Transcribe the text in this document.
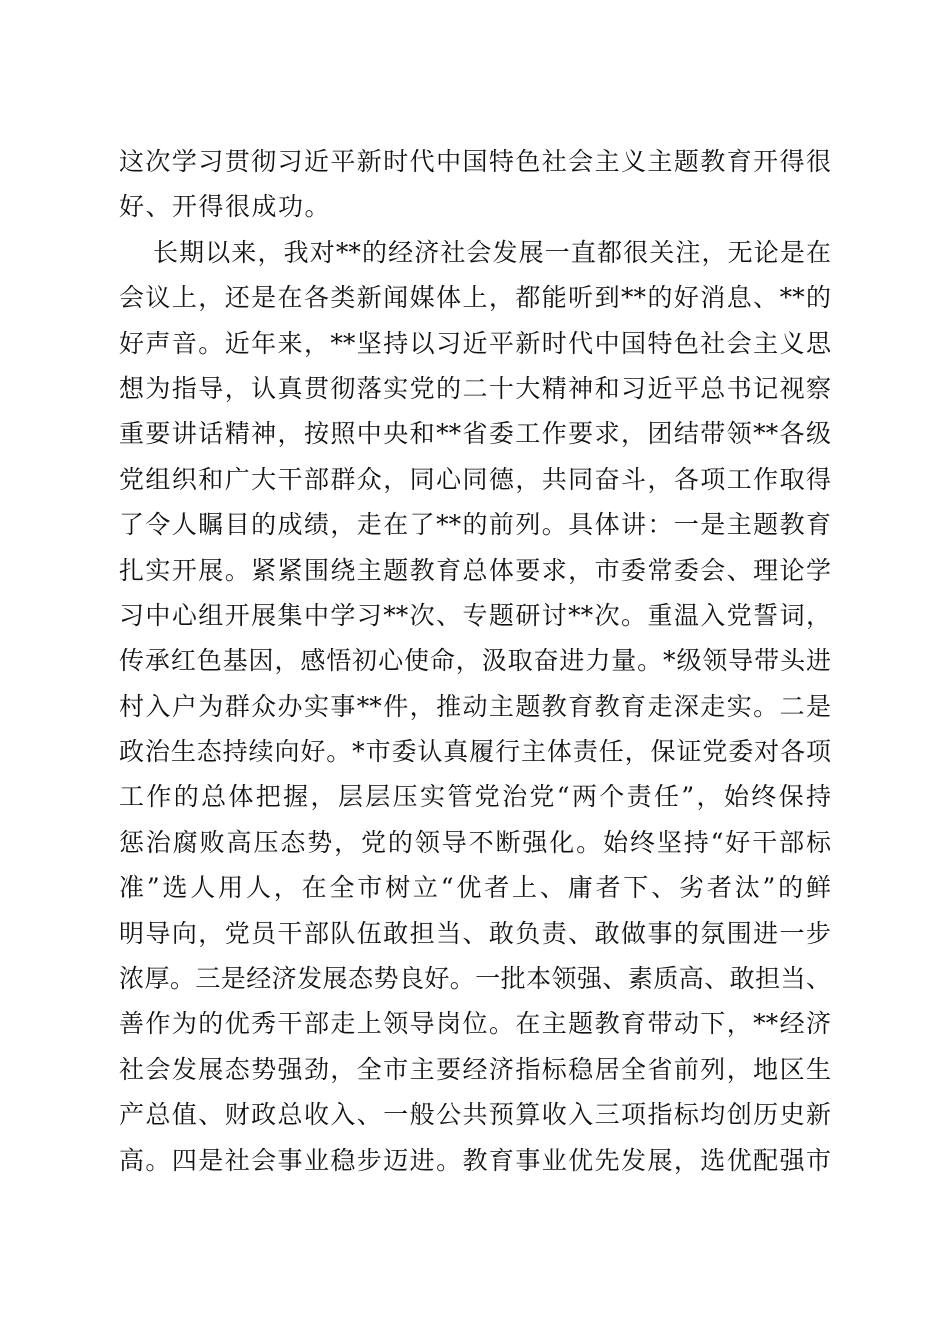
这次学习贯彻习近平新时代中国特色社会主义主题教育开得很
好、开得很成功。
长期以来，我对**的经济社会发展一直都很关注，无论是在
会议上，还是在各类新闻媒体上，都能听到**的好消息、**的
好声音。近年来，**坚持以习近平新时代中国特色社会主义思
想为指导，认真贯彻落实党的二十大精神和习近平总书记视察
重要讲话精神，按照中央和**省委工作要求，团结带领**各级
党组织和广大干部群众，同心同德，共同奋斗，各项工作取得
了令人瞩目的成绩，走在了**的前列。具体讲：一是主题教育
扎实开展。紧紧围绕主题教育总体要求，市委常委会、理论学
习中心组开展集中学习**次、专题研讨**次。重温入党誓词，
传承红色基因，感悟初心使命，汲取奋进力量。*级领导带头进
村入户为群众办实事**件，推动主题教育教育走深走实。二是
政治生态持续向好。*市委认真履行主体责任，保证党委对各项
工作的总体把握，层层压实管党治党“两个责任”，始终保持
惩治腐败高压态势，党的领导不断强化。始终坚持“好干部标
准”选人用人，在全市树立“优者上、庸者下、劣者汰”的鲜
明导向，党员干部队伍敢担当、敢负责、敢做事的氛围进一步
浓厚。三是经济发展态势良好。一批本领强、素质高、敢担当、
善作为的优秀干部走上领导岗位。在主题教育带动下，**经济
社会发展态势强劲，全市主要经济指标稳居全省前列，地区生
产总值、财政总收入、一般公共预算收入三项指标均创历史新
高。四是社会事业稳步迈进。教育事业优先发展，选优配强市
